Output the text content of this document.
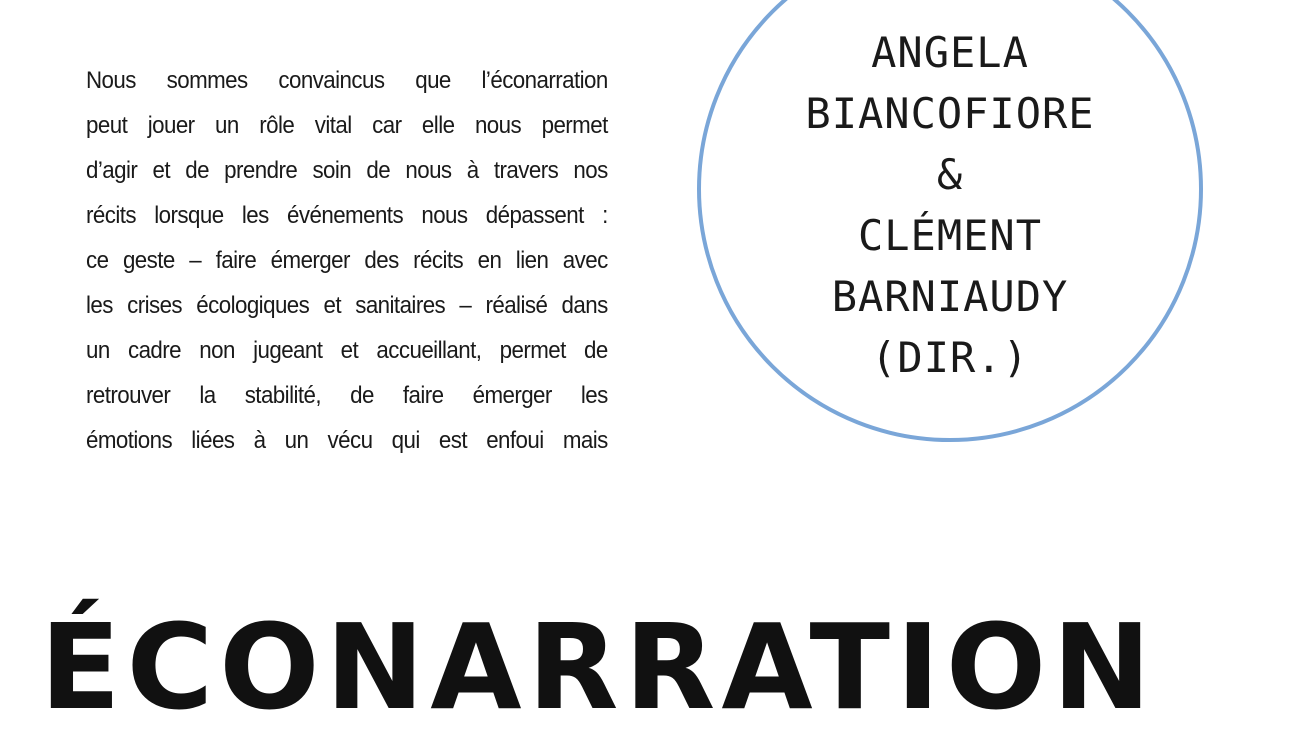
Nous sommes convaincus que l’éconarration
peut jouer un rôle vital car elle nous permet
d’agir et de prendre soin de nous à travers nos
récits lorsque les événements nous dépassent :
ce geste – faire émerger des récits en lien avec
les crises écologiques et sanitaires – réalisé dans
un cadre non jugeant et accueillant, permet de
retrouver la stabilité, de faire émerger les
émotions liées à un vécu qui est enfoui mais
ANGELA
BIANCOFIORE
&
CLÉMENT
BARNIAUDY
(DIR.)
ÉCONARRATION
